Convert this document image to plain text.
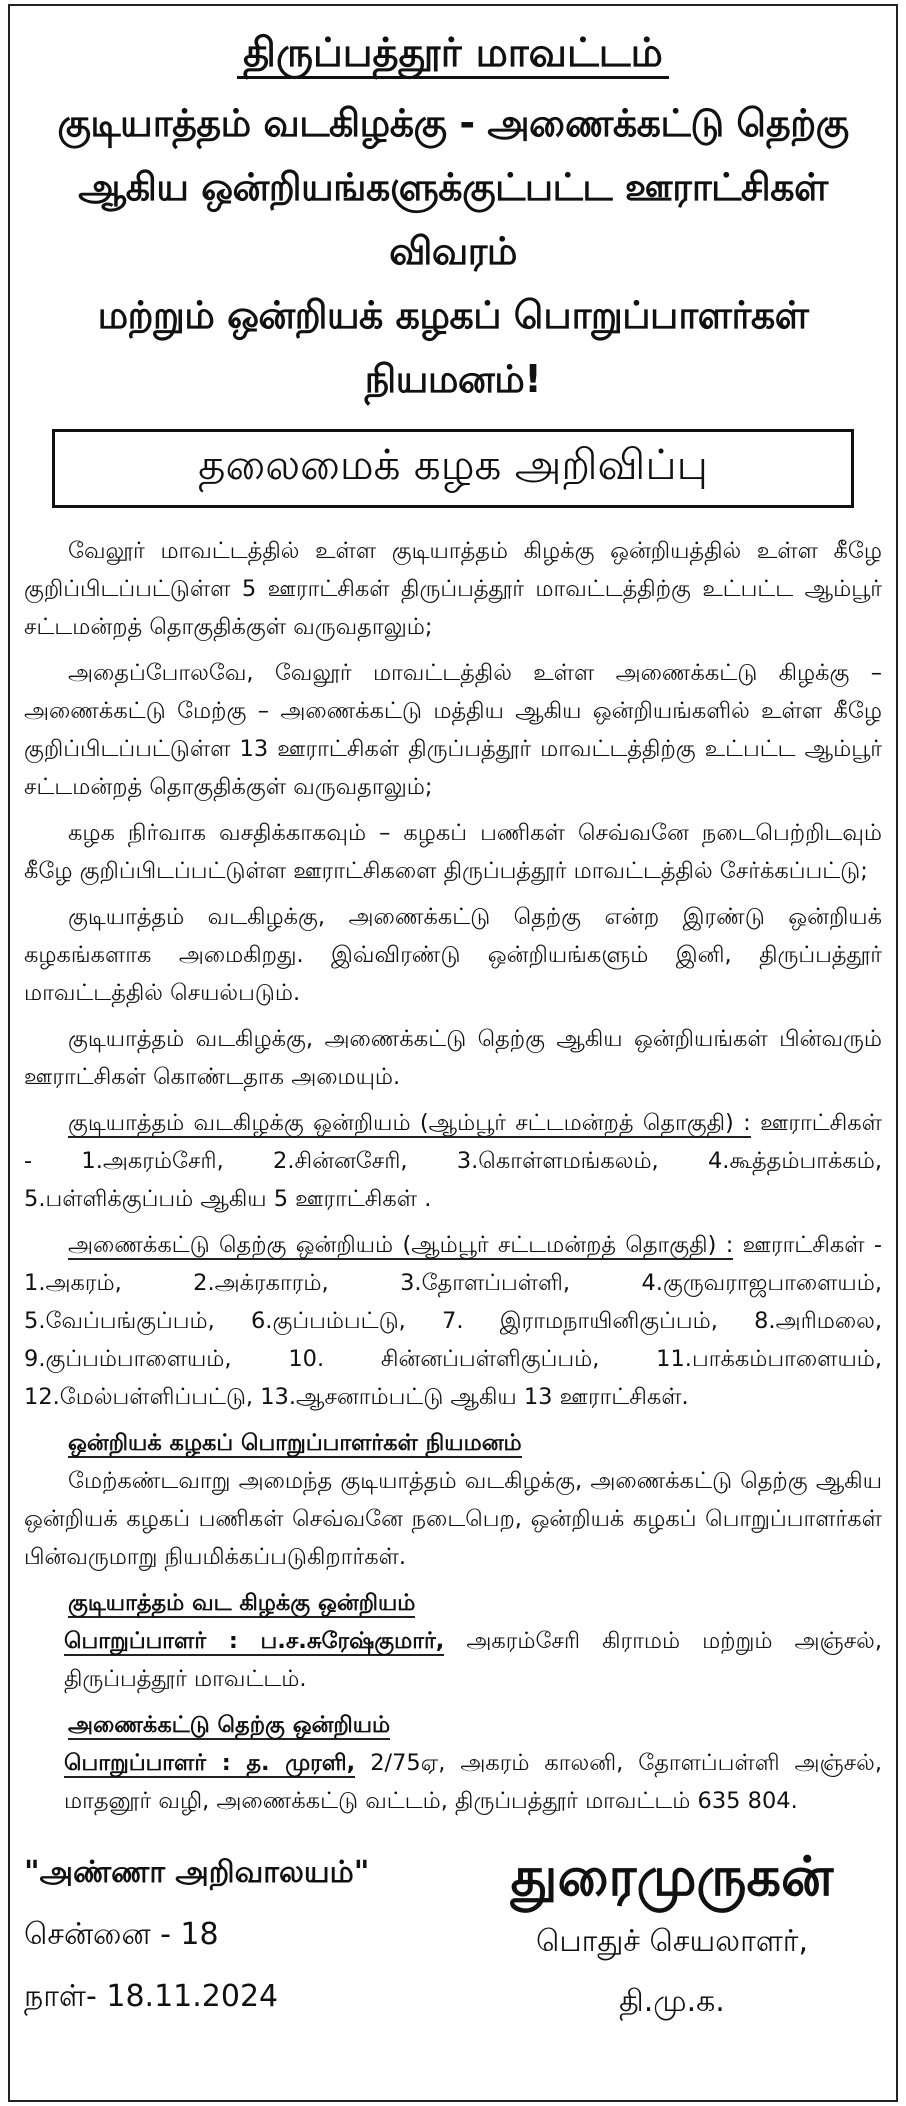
திருப்பத்தூர் மாவட்டம்
குடியாத்தம் வடகிழக்கு - அணைக்கட்டு தெற்கு
ஆகிய ஒன்றியங்களுக்குட்பட்ட ஊராட்சிகள் விவரம்
மற்றும் ஒன்றியக் கழகப் பொறுப்பாளர்கள் நியமனம்!
தலைமைக் கழக அறிவிப்பு

வேலூர் மாவட்டத்தில் உள்ள குடியாத்தம் கிழக்கு ஒன்றியத்தில் உள்ள கீழே குறிப்பிடப்பட்டுள்ள 5 ஊராட்சிகள் திருப்பத்தூர் மாவட்டத்திற்கு உட்பட்ட ஆம்பூர் சட்டமன்றத் தொகுதிக்குள் வருவதாலும்;

அதைப்போலவே, வேலூர் மாவட்டத்தில் உள்ள அணைக்கட்டு கிழக்கு – அணைக்கட்டு மேற்கு – அணைக்கட்டு மத்திய ஆகிய ஒன்றியங்களில் உள்ள கீழே குறிப்பிடப்பட்டுள்ள 13 ஊராட்சிகள் திருப்பத்தூர் மாவட்டத்திற்கு உட்பட்ட ஆம்பூர் சட்டமன்றத் தொகுதிக்குள் வருவதாலும்;

கழக நிர்வாக வசதிக்காகவும் – கழகப் பணிகள் செவ்வனே நடைபெற்றிடவும் கீழே குறிப்பிடப்பட்டுள்ள ஊராட்சிகளை திருப்பத்தூர் மாவட்டத்தில் சேர்க்கப்பட்டு;

குடியாத்தம் வடகிழக்கு, அணைக்கட்டு தெற்கு என்ற இரண்டு ஒன்றியக் கழகங்களாக அமைகிறது. இவ்விரண்டு ஒன்றியங்களும் இனி, திருப்பத்தூர் மாவட்டத்தில் செயல்படும்.

குடியாத்தம் வடகிழக்கு, அணைக்கட்டு தெற்கு ஆகிய ஒன்றியங்கள் பின்வரும் ஊராட்சிகள் கொண்டதாக அமையும்.

குடியாத்தம் வடகிழக்கு ஒன்றியம் (ஆம்பூர் சட்டமன்றத் தொகுதி) : ஊராட்சிகள் - 1.அகரம்சேரி, 2.சின்னசேரி, 3.கொள்ளமங்கலம், 4.கூத்தம்பாக்கம், 5.பள்ளிக்குப்பம் ஆகிய 5 ஊராட்சிகள் .

அணைக்கட்டு தெற்கு ஒன்றியம் (ஆம்பூர் சட்டமன்றத் தொகுதி) : ஊராட்சிகள் - 1.அகரம், 2.அக்ரகாரம், 3.தோளப்பள்ளி, 4.குருவராஜபாளையம், 5.வேப்பங்குப்பம், 6.குப்பம்பட்டு, 7. இராமநாயினிகுப்பம், 8.அரிமலை, 9.குப்பம்பாளையம், 10. சின்னப்பள்ளிகுப்பம், 11.பாக்கம்பாளையம், 12.மேல்பள்ளிப்பட்டு, 13.ஆசனாம்பட்டு ஆகிய 13 ஊராட்சிகள்.

ஒன்றியக் கழகப் பொறுப்பாளர்கள் நியமனம்

மேற்கண்டவாறு அமைந்த குடியாத்தம் வடகிழக்கு, அணைக்கட்டு தெற்கு ஆகிய ஒன்றியக் கழகப் பணிகள் செவ்வனே நடைபெற, ஒன்றியக் கழகப் பொறுப்பாளர்கள் பின்வருமாறு நியமிக்கப்படுகிறார்கள்.

குடியாத்தம் வட கிழக்கு ஒன்றியம்

பொறுப்பாளர் : ப.ச.சுரேஷ்குமார், அகரம்சேரி கிராமம் மற்றும் அஞ்சல், திருப்பத்தூர் மாவட்டம்.

அணைக்கட்டு தெற்கு ஒன்றியம்

பொறுப்பாளர் : த. முரளி, 2/75ஏ, அகரம் காலனி, தோளப்பள்ளி அஞ்சல், மாதனூர் வழி, அணைக்கட்டு வட்டம், திருப்பத்தூர் மாவட்டம் 635 804.

"அண்ணா அறிவாலயம்"
சென்னை - 18
நாள்- 18.11.2024
துரைமுருகன்
பொதுச் செயலாளர்,
தி.மு.க.
